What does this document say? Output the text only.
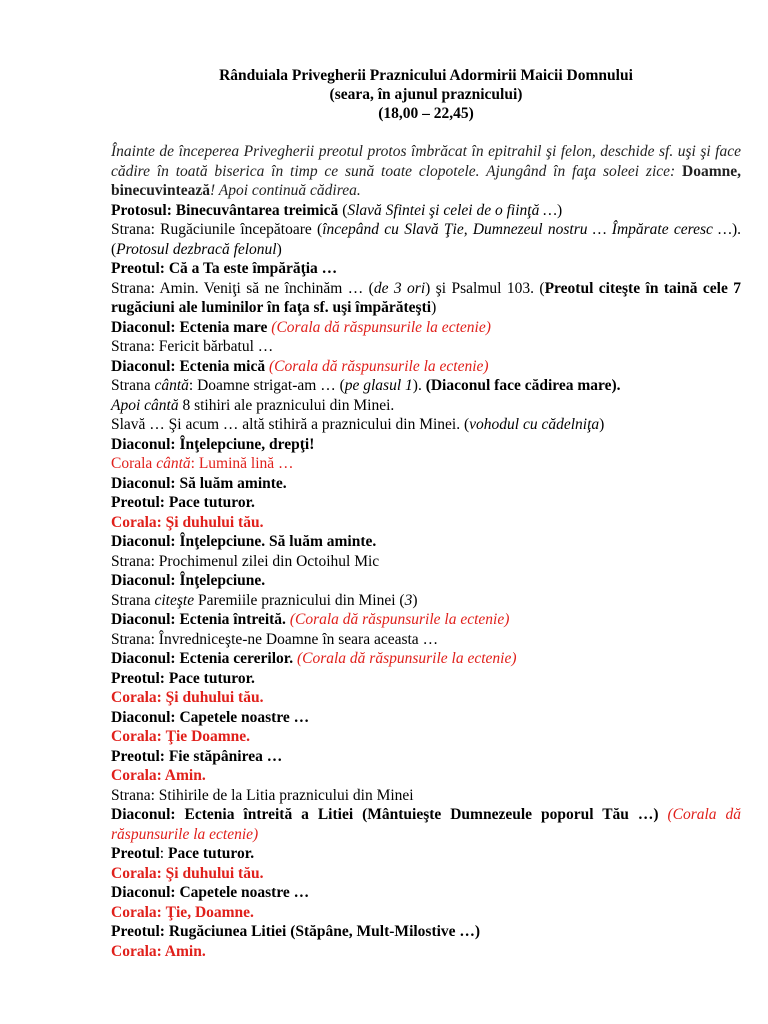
Rânduiala Privegherii Praznicului Adormirii Maicii Domnului
(seara, în ajunul praznicului)
(18,00 – 22,45)
Înainte de începerea Privegherii preotul protos îmbrăcat în epitrahil şi felon, deschide sf. uşi şi face cădire în toată biserica în timp ce sună toate clopotele. Ajungând în faţa soleei zice: Doamne, binecuvintează! Apoi continuă cădirea.
Protosul: Binecuvântarea treimică (Slavă Sfintei şi celei de o fiinţă …)
Strana: Rugăciunile începătoare (începând cu Slavă Ţie, Dumnezeul nostru … Împărate ceresc …). (Protosul dezbracă felonul)
Preotul: Că a Ta este împărăţia …
Strana: Amin. Veniţi să ne închinăm … (de 3 ori) şi Psalmul 103. (Preotul citeşte în taină cele 7 rugăciuni ale luminilor în faţa sf. uşi împărăteşti)
Diaconul: Ectenia mare (Corala dă răspunsurile la ectenie)
Strana: Fericit bărbatul …
Diaconul: Ectenia mică (Corala dă răspunsurile la ectenie)
Strana cântă: Doamne strigat-am … (pe glasul 1). (Diaconul face cădirea mare).
Apoi cântă 8 stihiri ale praznicului din Minei.
Slavă … Şi acum … altă stihiră a praznicului din Minei. (vohodul cu cădelniţa)
Diaconul: Înţelepciune, drepţi!
Corala cântă: Lumină lină …
Diaconul: Să luăm aminte.
Preotul: Pace tuturor.
Corala: Şi duhului tău.
Diaconul: Înţelepciune. Să luăm aminte.
Strana: Prochimenul zilei din Octoihul Mic
Diaconul: Înţelepciune.
Strana citeşte Paremiile praznicului din Minei (3)
Diaconul: Ectenia întreită. (Corala dă răspunsurile la ectenie)
Strana: Învredniceşte-ne Doamne în seara aceasta …
Diaconul: Ectenia cererilor. (Corala dă răspunsurile la ectenie)
Preotul: Pace tuturor.
Corala: Şi duhului tău.
Diaconul: Capetele noastre …
Corala: Ţie Doamne.
Preotul: Fie stăpânirea …
Corala: Amin.
Strana: Stihirile de la Litia praznicului din Minei
Diaconul: Ectenia întreită a Litiei (Mântuieşte Dumnezeule poporul Tău …) (Corala dă răspunsurile la ectenie)
Preotul: Pace tuturor.
Corala: Şi duhului tău.
Diaconul: Capetele noastre …
Corala: Ţie, Doamne.
Preotul: Rugăciunea Litiei (Stăpâne, Mult-Milostive …)
Corala: Amin.
